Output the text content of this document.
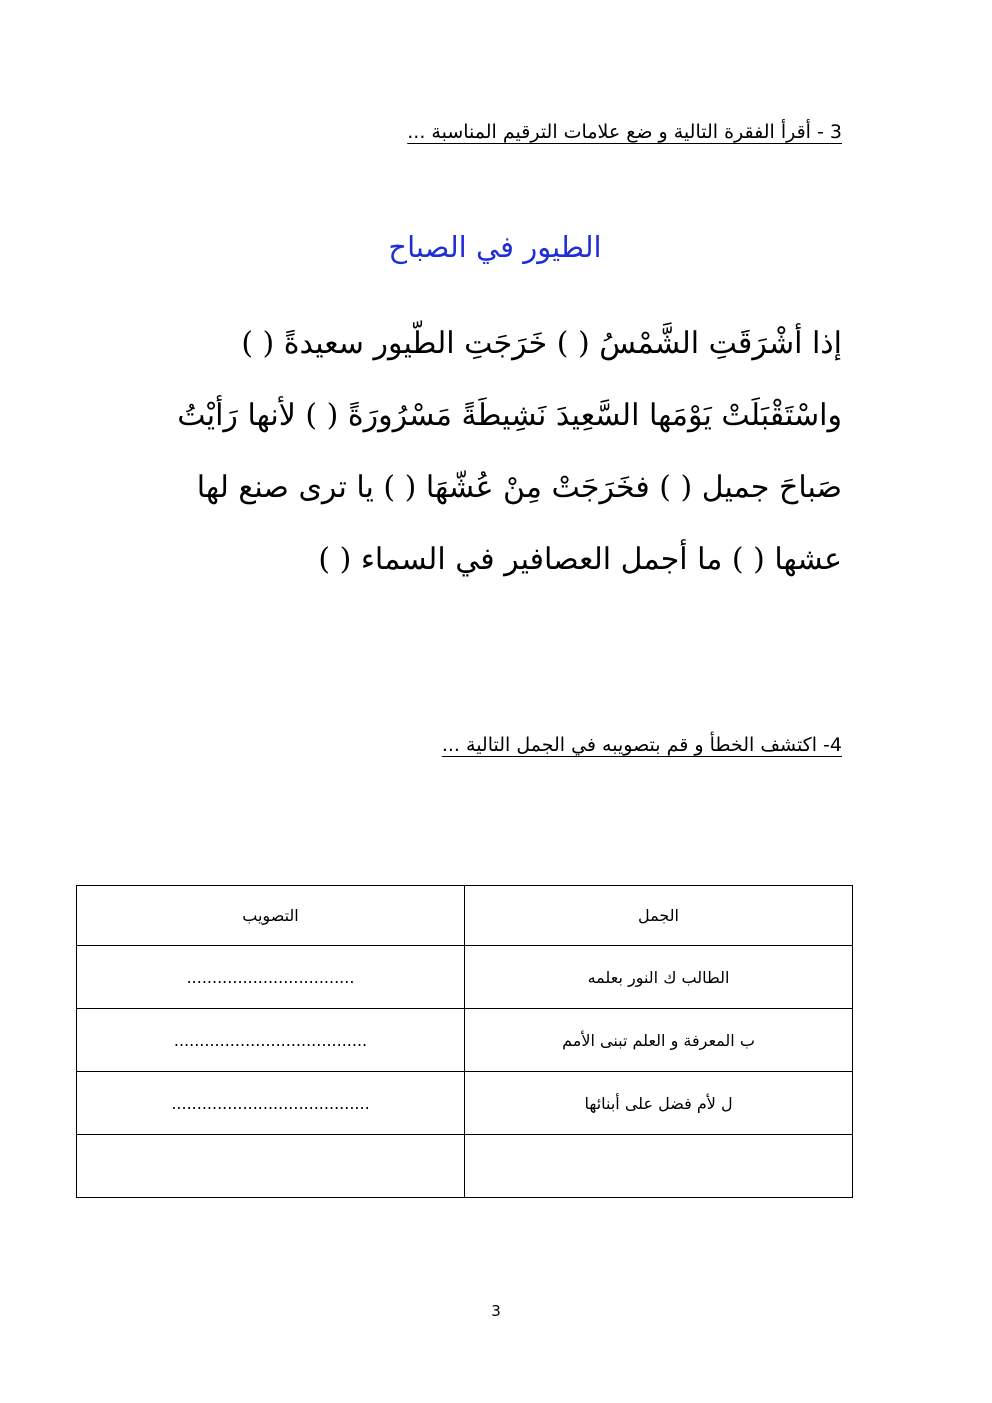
3 - أقرأ الفقرة التالية و ضع علامات الترقيم المناسبة ...
الطيور في الصباح
إذا أشْرَقَتِ الشَّمْسُ ( ) خَرَجَتِ الطّيور سعيدةً ( )
واسْتَقْبَلَتْ يَوْمَها السَّعِيدَ نَشِيطَةً مَسْرُورَةً ( ) لأنها رَأيْتُ
صَباحَ جميل ( ) فخَرَجَتْ مِنْ عُشّهَا ( ) يا ترى صنع لها
عشها ( ) ما أجمل العصافير في السماء ( )
4- اكتشف الخطأ و قم بتصويبه في الجمل التالية ...
الجمل	التصويب
الطالب ك النور بعلمه	.................................
ب المعرفة و العلم تبنى الأمم	......................................
ل لأم فضل على أبنائها	.......................................

3
